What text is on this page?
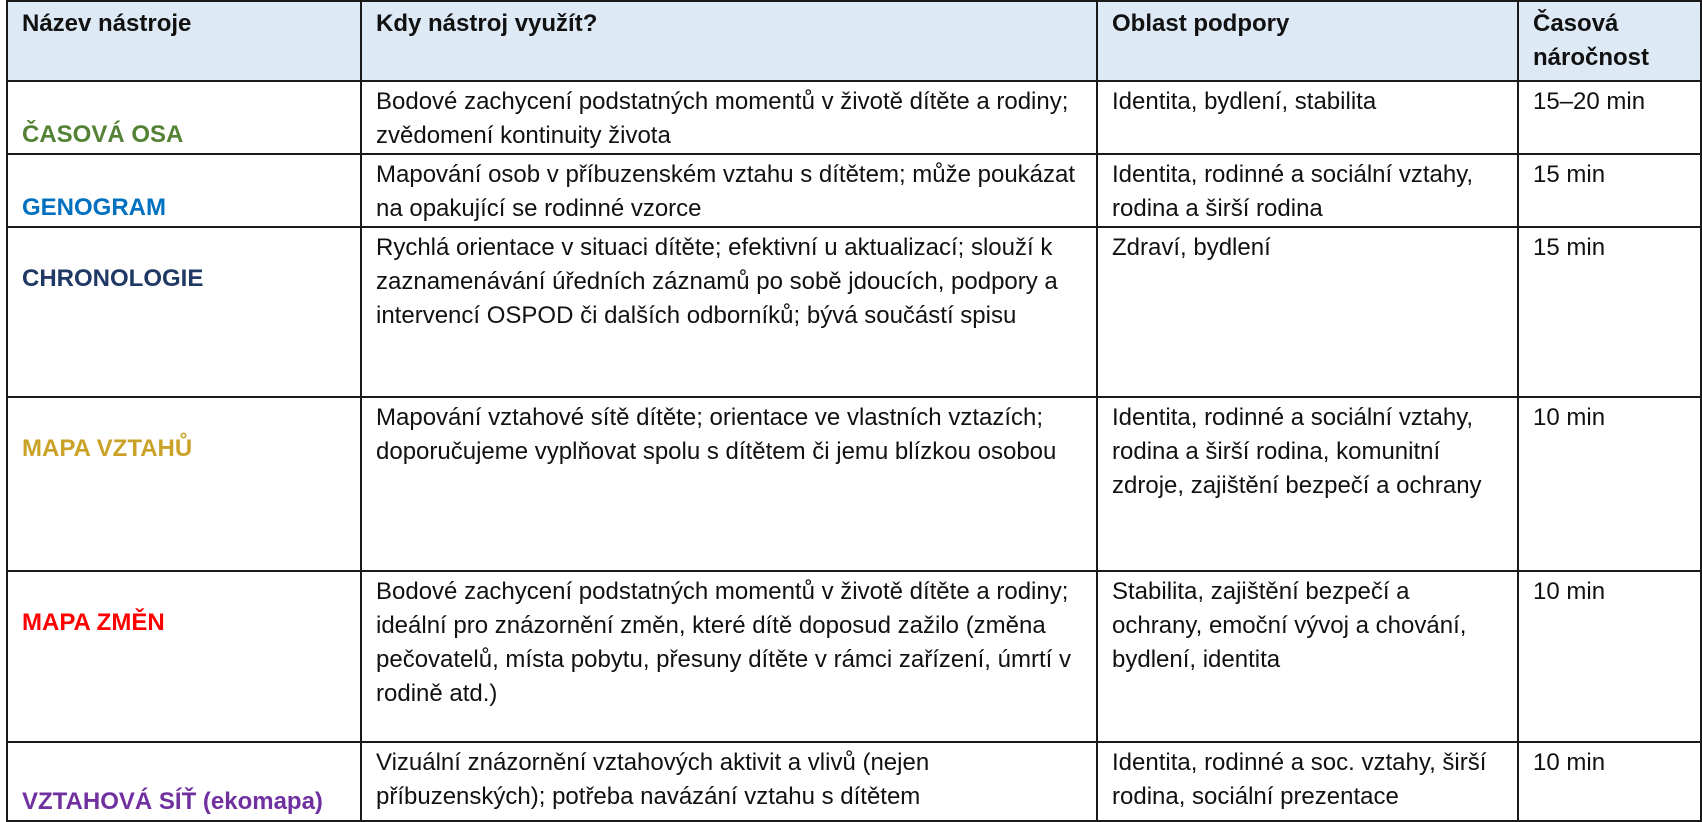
Název nástroje	Kdy nástroj využít?	Oblast podpory	Časová náročnost
ČASOVÁ OSA	Bodové zachycení podstatných momentů v životě dítěte a rodiny; zvědomení kontinuity života	Identita, bydlení, stabilita	15–20 min
GENOGRAM	Mapování osob v příbuzenském vztahu s dítětem; může poukázat na opakující se rodinné vzorce	Identita, rodinné a sociální vztahy, rodina a širší rodina	15 min
CHRONOLOGIE	Rychlá orientace v situaci dítěte; efektivní u aktualizací; slouží k zaznamenávání úředních záznamů po sobě jdoucích, podpory a intervencí OSPOD či dalších odborníků; bývá součástí spisu	Zdraví, bydlení	15 min
MAPA VZTAHŮ	Mapování vztahové sítě dítěte; orientace ve vlastních vztazích; doporučujeme vyplňovat spolu s dítětem či jemu blízkou osobou	Identita, rodinné a sociální vztahy, rodina a širší rodina, komunitní zdroje, zajištění bezpečí a ochrany	10 min
MAPA ZMĚN	Bodové zachycení podstatných momentů v životě dítěte a rodiny; ideální pro znázornění změn, které dítě doposud zažilo (změna pečovatelů, místa pobytu, přesuny dítěte v rámci zařízení, úmrtí v rodině atd.)	Stabilita, zajištění bezpečí a ochrany, emoční vývoj a chování, bydlení, identita	10 min
VZTAHOVÁ SÍŤ (ekomapa)	Vizuální znázornění vztahových aktivit a vlivů (nejen příbuzenských); potřeba navázání vztahu s dítětem	Identita, rodinné a soc. vztahy, širší rodina, sociální prezentace	10 min
